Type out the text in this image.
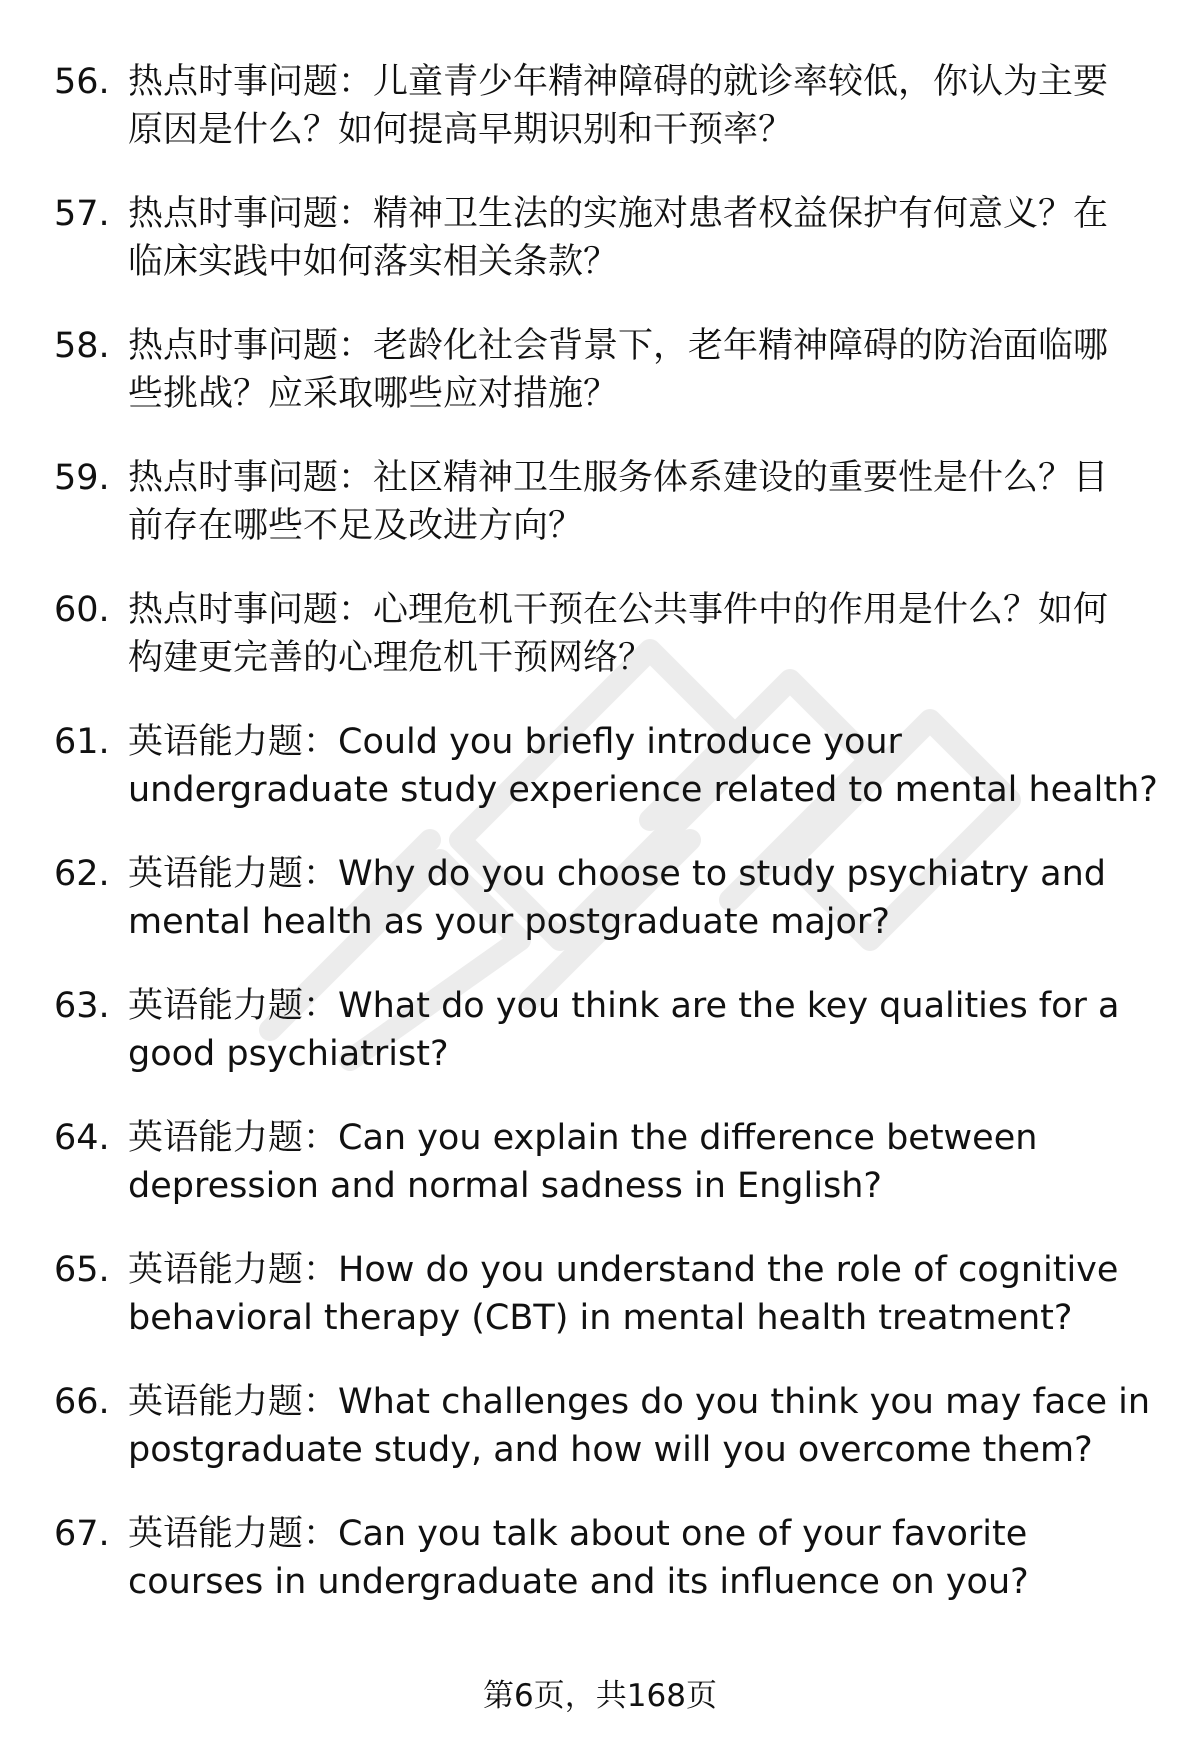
56. 热点时事问题：儿童青少年精神障碍的就诊率较低，你认为主要
原因是什么？如何提高早期识别和干预率？
57. 热点时事问题：精神卫生法的实施对患者权益保护有何意义？在
临床实践中如何落实相关条款？
58. 热点时事问题：老龄化社会背景下，老年精神障碍的防治面临哪
些挑战？应采取哪些应对措施？
59. 热点时事问题：社区精神卫生服务体系建设的重要性是什么？目
前存在哪些不足及改进方向？
60. 热点时事问题：心理危机干预在公共事件中的作用是什么？如何
构建更完善的心理危机干预网络？
61. 英语能力题：Could you briefly introduce your
undergraduate study experience related to mental health?
62. 英语能力题：Why do you choose to study psychiatry and
mental health as your postgraduate major?
63. 英语能力题：What do you think are the key qualities for a
good psychiatrist?
64. 英语能力题：Can you explain the difference between
depression and normal sadness in English?
65. 英语能力题：How do you understand the role of cognitive
behavioral therapy (CBT) in mental health treatment?
66. 英语能力题：What challenges do you think you may face in
postgraduate study, and how will you overcome them?
67. 英语能力题：Can you talk about one of your favorite
courses in undergraduate and its influence on you?
第6页，共168页
